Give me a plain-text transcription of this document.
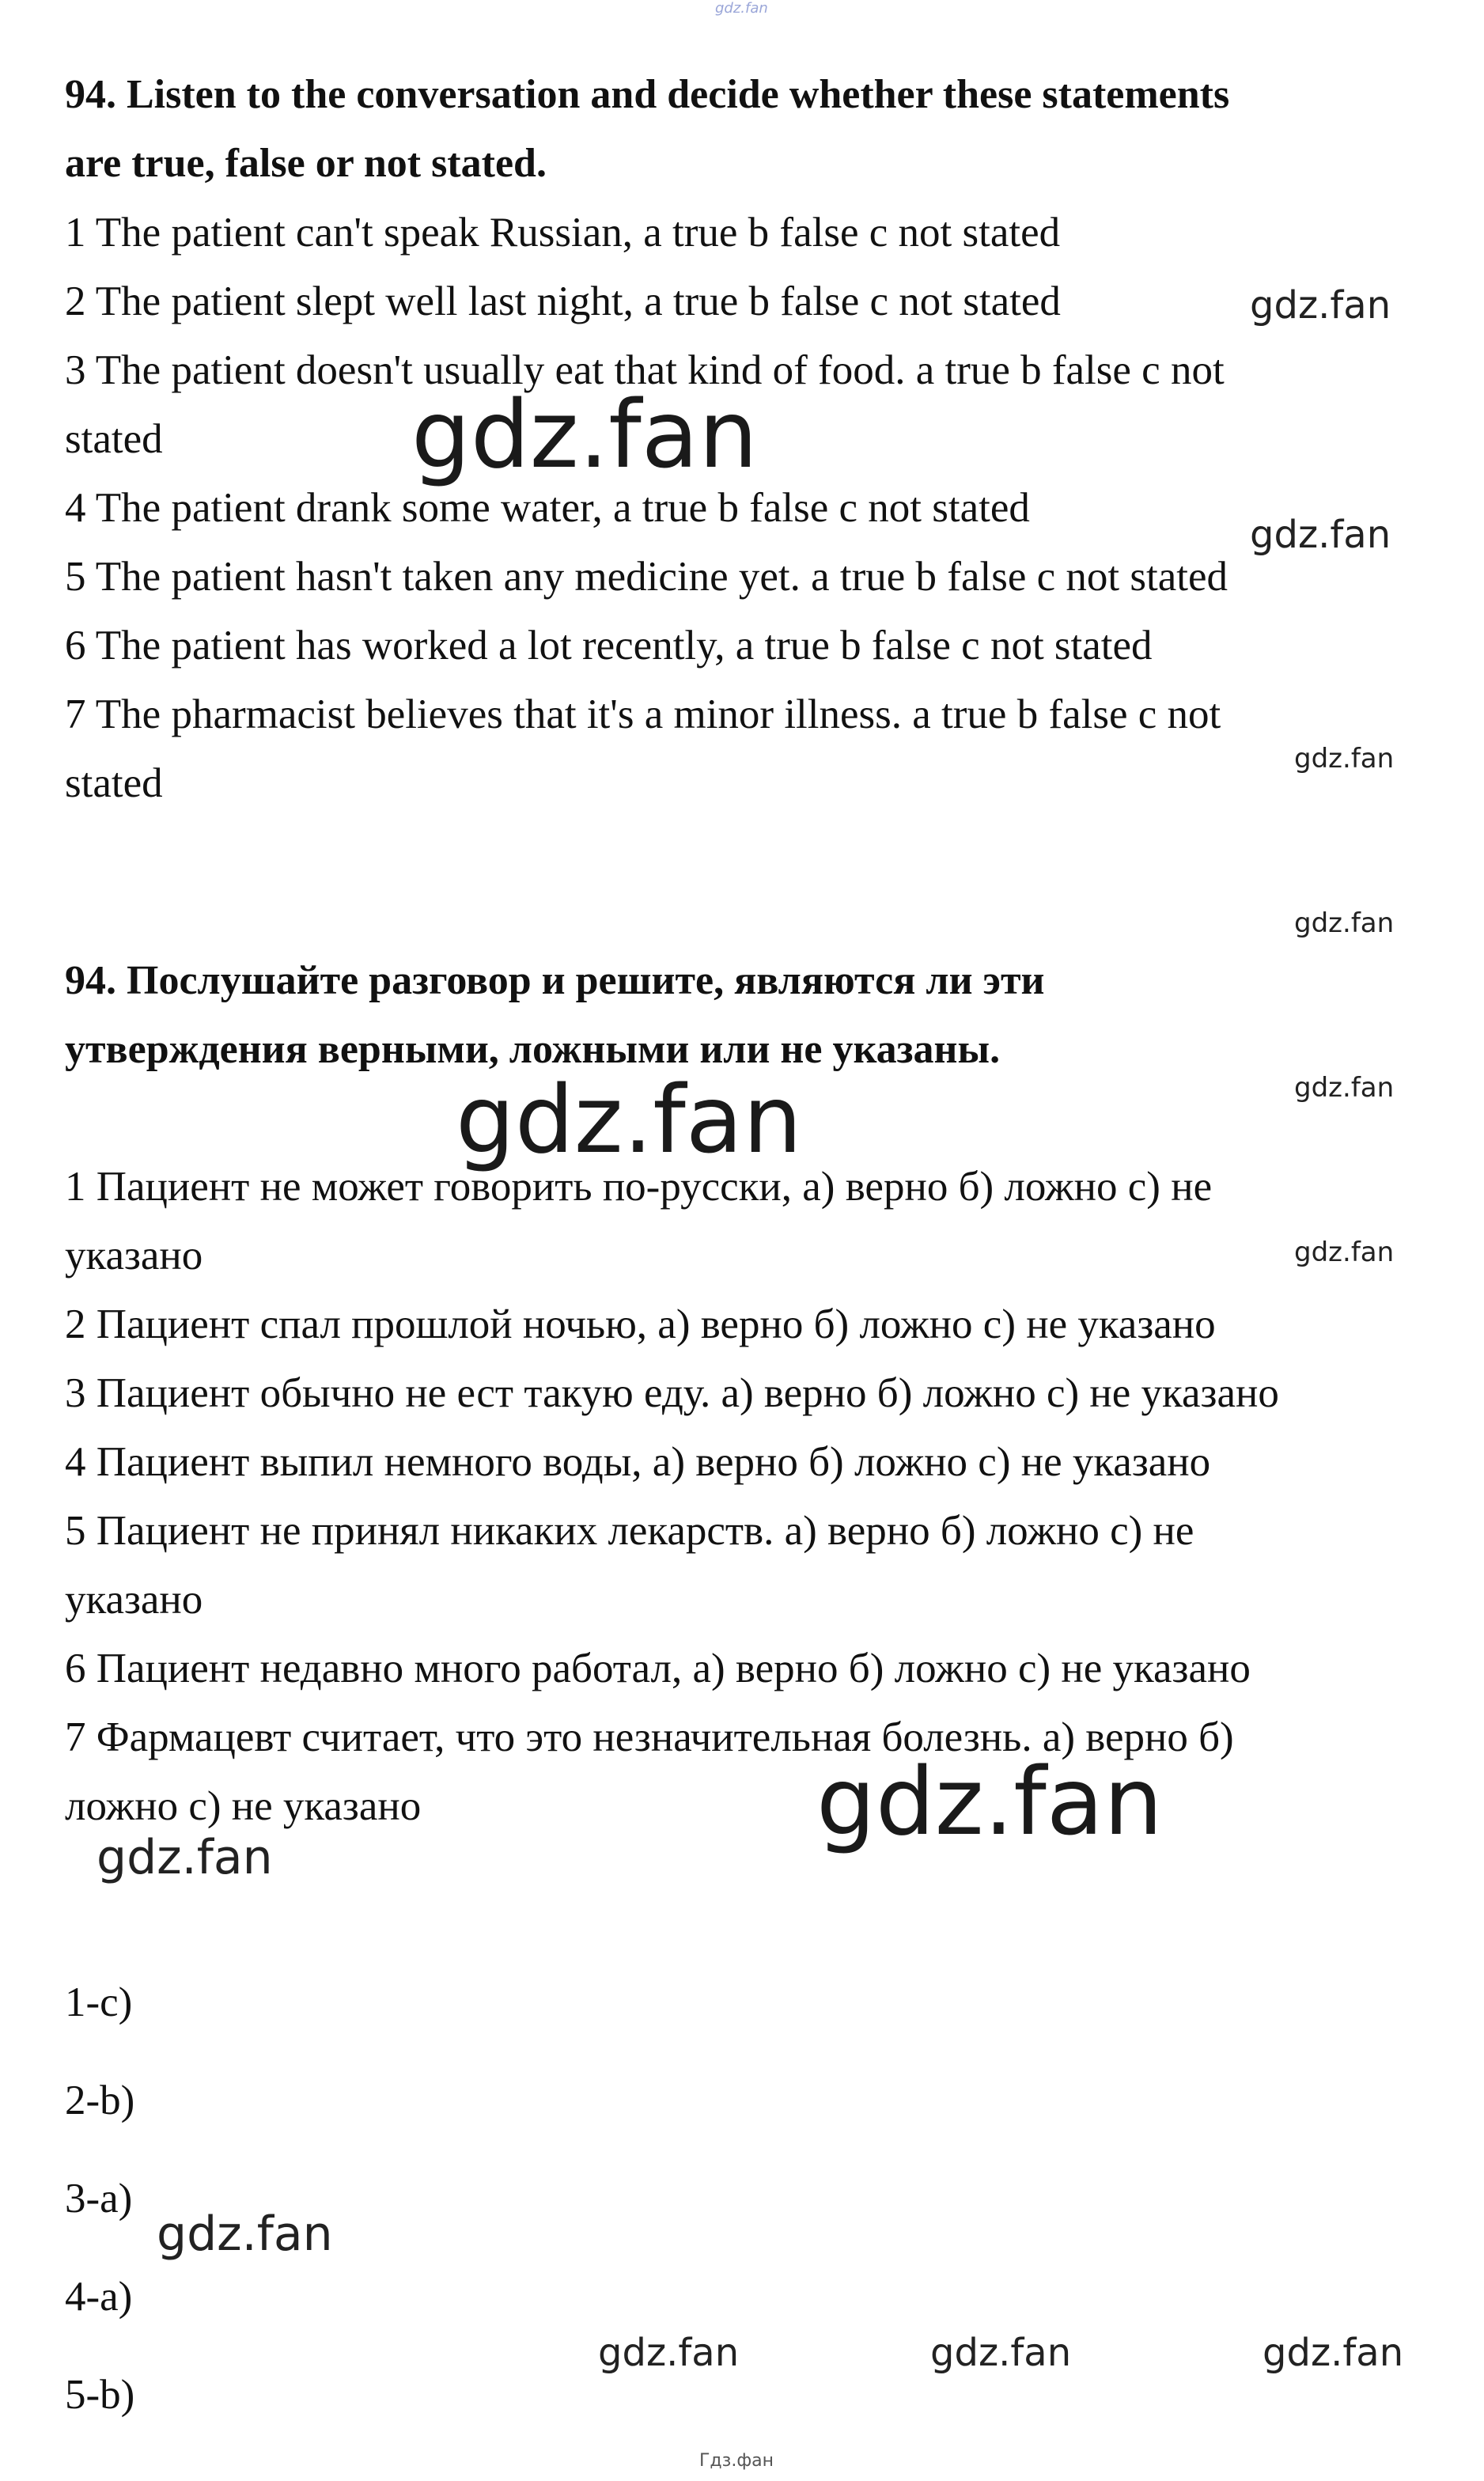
gdz.fan
94. Listen to the conversation and decide whether these statements
are true, false or not stated.
1 The patient can't speak Russian, a true b false c not stated
2 The patient slept well last night, a true b false c not stated
3 The patient doesn't usually eat that kind of food. a true b false c not
stated
4 The patient drank some water, a true b false c not stated
5 The patient hasn't taken any medicine yet. a true b false c not stated
6 The patient has worked a lot recently, a true b false c not stated
7 The pharmacist believes that it's a minor illness. a true b false c not
stated
94. Послушайте разговор и решите, являются ли эти
утверждения верными, ложными или не указаны.
1 Пациент не может говорить по-русски, а) верно б) ложно с) не
указано
2 Пациент спал прошлой ночью, а) верно б) ложно с) не указано
3 Пациент обычно не ест такую еду. а) верно б) ложно с) не указано
4 Пациент выпил немного воды, а) верно б) ложно с) не указано
5 Пациент не принял никаких лекарств. а) верно б) ложно с) не
указано
6 Пациент недавно много работал, а) верно б) ложно с) не указано
7 Фармацевт считает, что это незначительная болезнь. а) верно б)
ложно с) не указано
1-с)
2-b)
3-а)
4-а)
5-b)
gdz.fan
gdz.fan
gdz.fan
gdz.fan
gdz.fan
gdz.fan
gdz.fan
gdz.fan
gdz.fan
gdz.fan
gdz.fan
gdz.fan	gdz.fan	gdz.fan
Гдз.фан
